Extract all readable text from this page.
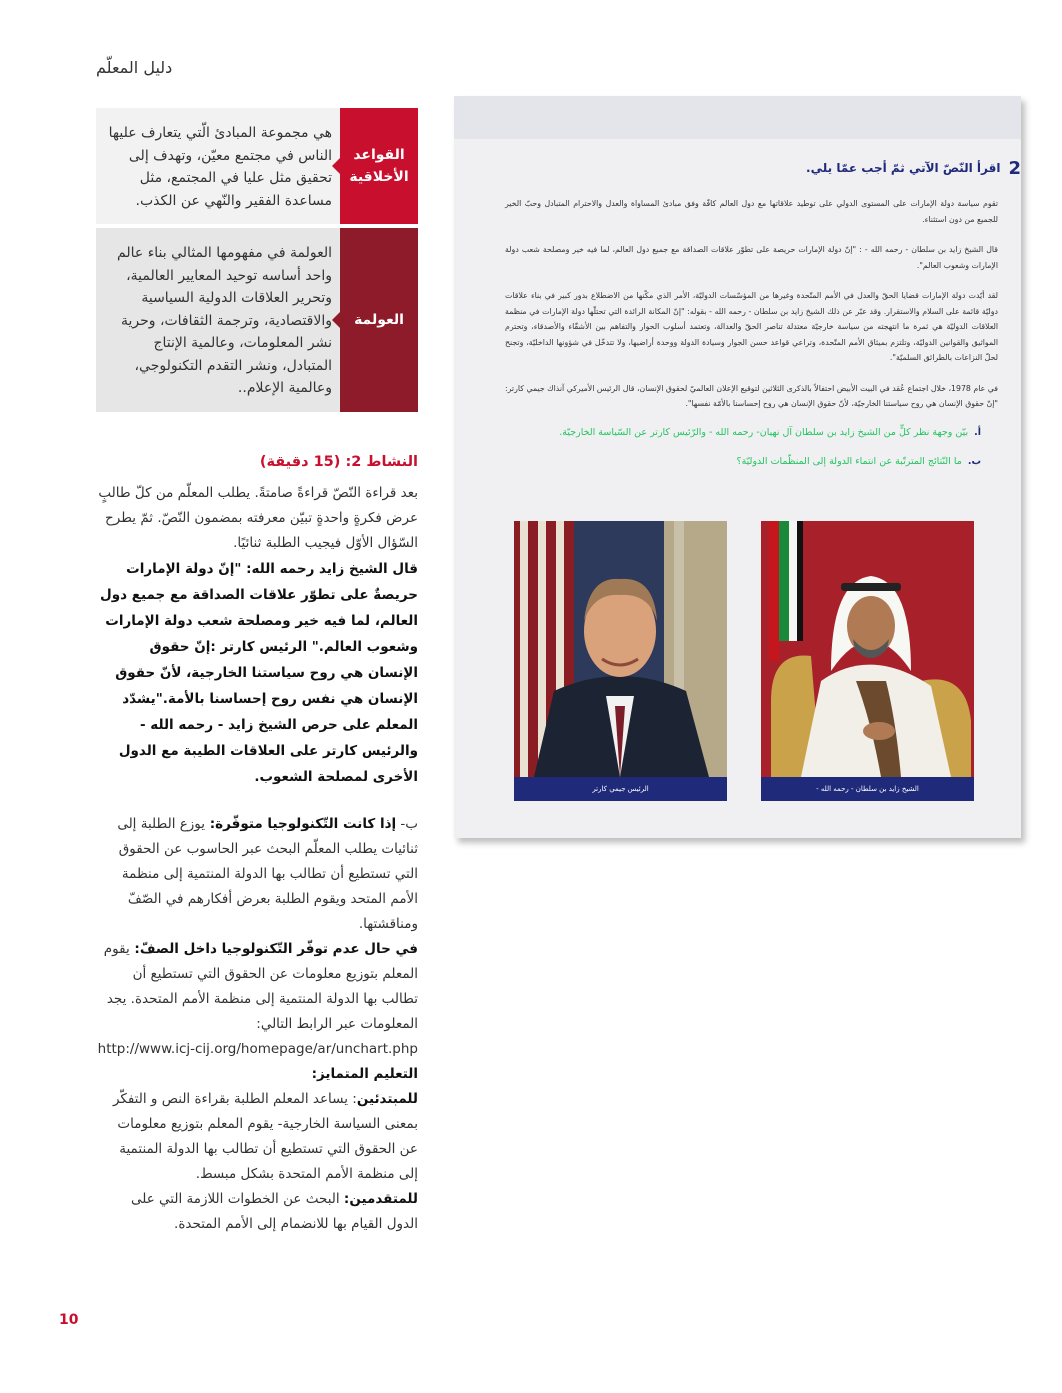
دليل المعلّم
القواعد الأخلاقية
هي مجموعة المبادئ الّتي يتعارف عليها الناس في مجتمع معيّن، وتهدف إلى تحقيق مثل عليا في المجتمع، مثل مساعدة الفقير والنّهي عن الكذب.
العولمة
العولمة في مفهومها المثالي بناء عالم واحد أساسه توحيد المعايير العالمية، وتحرير العلاقات الدولية السياسية والاقتصادية، وترجمة الثقافات، وحرية نشر المعلومات، وعالمية الإنتاج المتبادل، ونشر التقدم التكنولوجي، وعالمية الإعلام..
النشاط 2: (15 دقيقة)
بعد قراءة النّصّ قراءةً صامتةً. يطلب المعلّم من كلّ طالبٍ عرض فكرةٍ واحدةٍ تبيّن معرفته بمضمون النّصّ. ثمّ يطرح السّؤال الأوّل فيجيب الطلبة ثنائيًا.
قال الشيخ زايد رحمه الله: "إنّ دولة الإمارات حريصةٌ على تطوّر علاقات الصداقة مع جميع دول العالم، لما فيه خير ومصلحة شعب دولة الإمارات وشعوب العالم." الرئيس كارتر :إنّ حقوق الإنسان هي روح سياستنا الخارجية، لأنّ حقوق الإنسان هي نفس روح إحساسنا بالأمة."يشدّد المعلم على حرص الشيخ زايد - رحمه الله - والرئيس كارتر على العلاقات الطيبة مع الدول الأخرى لمصلحة الشعوب.
ب- إذا كانت التّكنولوجيا متوفّرة: يوزع الطلبة إلى ثنائيات يطلب المعلّم البحث عبر الحاسوب عن الحقوق التي تستطيع أن تطالب بها الدولة المنتمية إلى منظمة الأمم المتحد ويقوم الطلبة بعرض أفكارهم في الصّفّ ومناقشتها.
في حال عدم توفّر التّكنولوجيا داخل الصفّ: يقوم المعلم بتوزيع معلومات عن الحقوق التي تستطيع أن تطالب بها الدولة المنتمية إلى منظمة الأمم المتحدة. يجد المعلومات عبر الرابط التالي:
http://www.icj-cij.org/homepage/ar/unchart.php
التعليم المتمايز:
للمبتدئين: يساعد المعلم الطلبة بقراءة النص و التفكّر بمعنى السياسة الخارجية- يقوم المعلم بتوزيع معلومات عن الحقوق التي تستطيع أن تطالب بها الدولة المنتمية إلى منظمة الأمم المتحدة بشكل مبسط.
للمتقدمين: البحث عن الخطوات اللازمة التي على الدول القيام بها للانضمام إلى الأمم المتحدة.
2اقرأ النّصّ الآتي ثمّ أجب عمّا يلي.

تقوم سياسة دولة الإمارات على المستوى الدولي على توطيد علاقاتها مع دول العالم كافّة وفق مبادئ المساواة والعدل والاحترام المتبادل وحبّ الخير للجميع من دون استثناء.

قال الشيخ زايد بن سلطان - رحمه الله - : "إنّ دولة الإمارات حريصة على تطوّر علاقات الصداقة مع جميع دول العالم، لما فيه خير ومصلحة شعب دولة الإمارات وشعوب العالم".

لقد أيّدت دولة الإمارات قضايا الحقّ والعدل في الأمم المتّحدة وغيرها من المؤسّسات الدوليّة، الأمر الذي مكّنها من الاضطلاع بدور كبير في بناء علاقات دوليّة قائمة على السلام والاستقرار. وقد عبّر عن ذلك الشيخ زايد بن سلطان - رحمه الله - بقوله: "إنّ المكانة الرائدة التي تحتلّها دولة الإمارات في منظمة العلاقات الدوليّة هي ثمرة ما انتهجته من سياسة خارجيّة معتدلة تناصر الحقّ والعدالة، وتعتمد أسلوب الحوار والتفاهم بين الأشقّاء والأصدقاء، وتحترم المواثيق والقوانين الدوليّة، وتلتزم بميثاق الأمم المتّحدة، وتراعي قواعد حسن الجوار وسيادة الدولة ووحدة أراضيها، ولا تتدخّل في شؤونها الداخليّة، وتجنح لحلّ النزاعات بالطرائق السلميّة".

في عام 1978، خلال اجتماع عُقد في البيت الأبيض احتفالاً بالذكرى الثلاثين لتوقيع الإعلان العالميّ لحقوق الإنسان، قال الرئيس الأميركي آنذاك جيمي كارتر: "إنّ حقوق الإنسان هي روح سياستنا الخارجيّة، لأنّ حقوق الإنسان هي روح إحساسنا بالأمّة نفسها".

أ.بيّن وجهة نظر كلٍّ من الشيخ زايد بن سلطان آل نهيان- رحمه الله - والرّئيس كارتر عن السّياسة الخارجيّة.
ب.ما النّتائج المترتّبة عن انتماء الدولة إلى المنظّمات الدوليّة؟
الرئيس جيمي كارتر	الشيخ زايد بن سلطان - رحمه الله -
10
